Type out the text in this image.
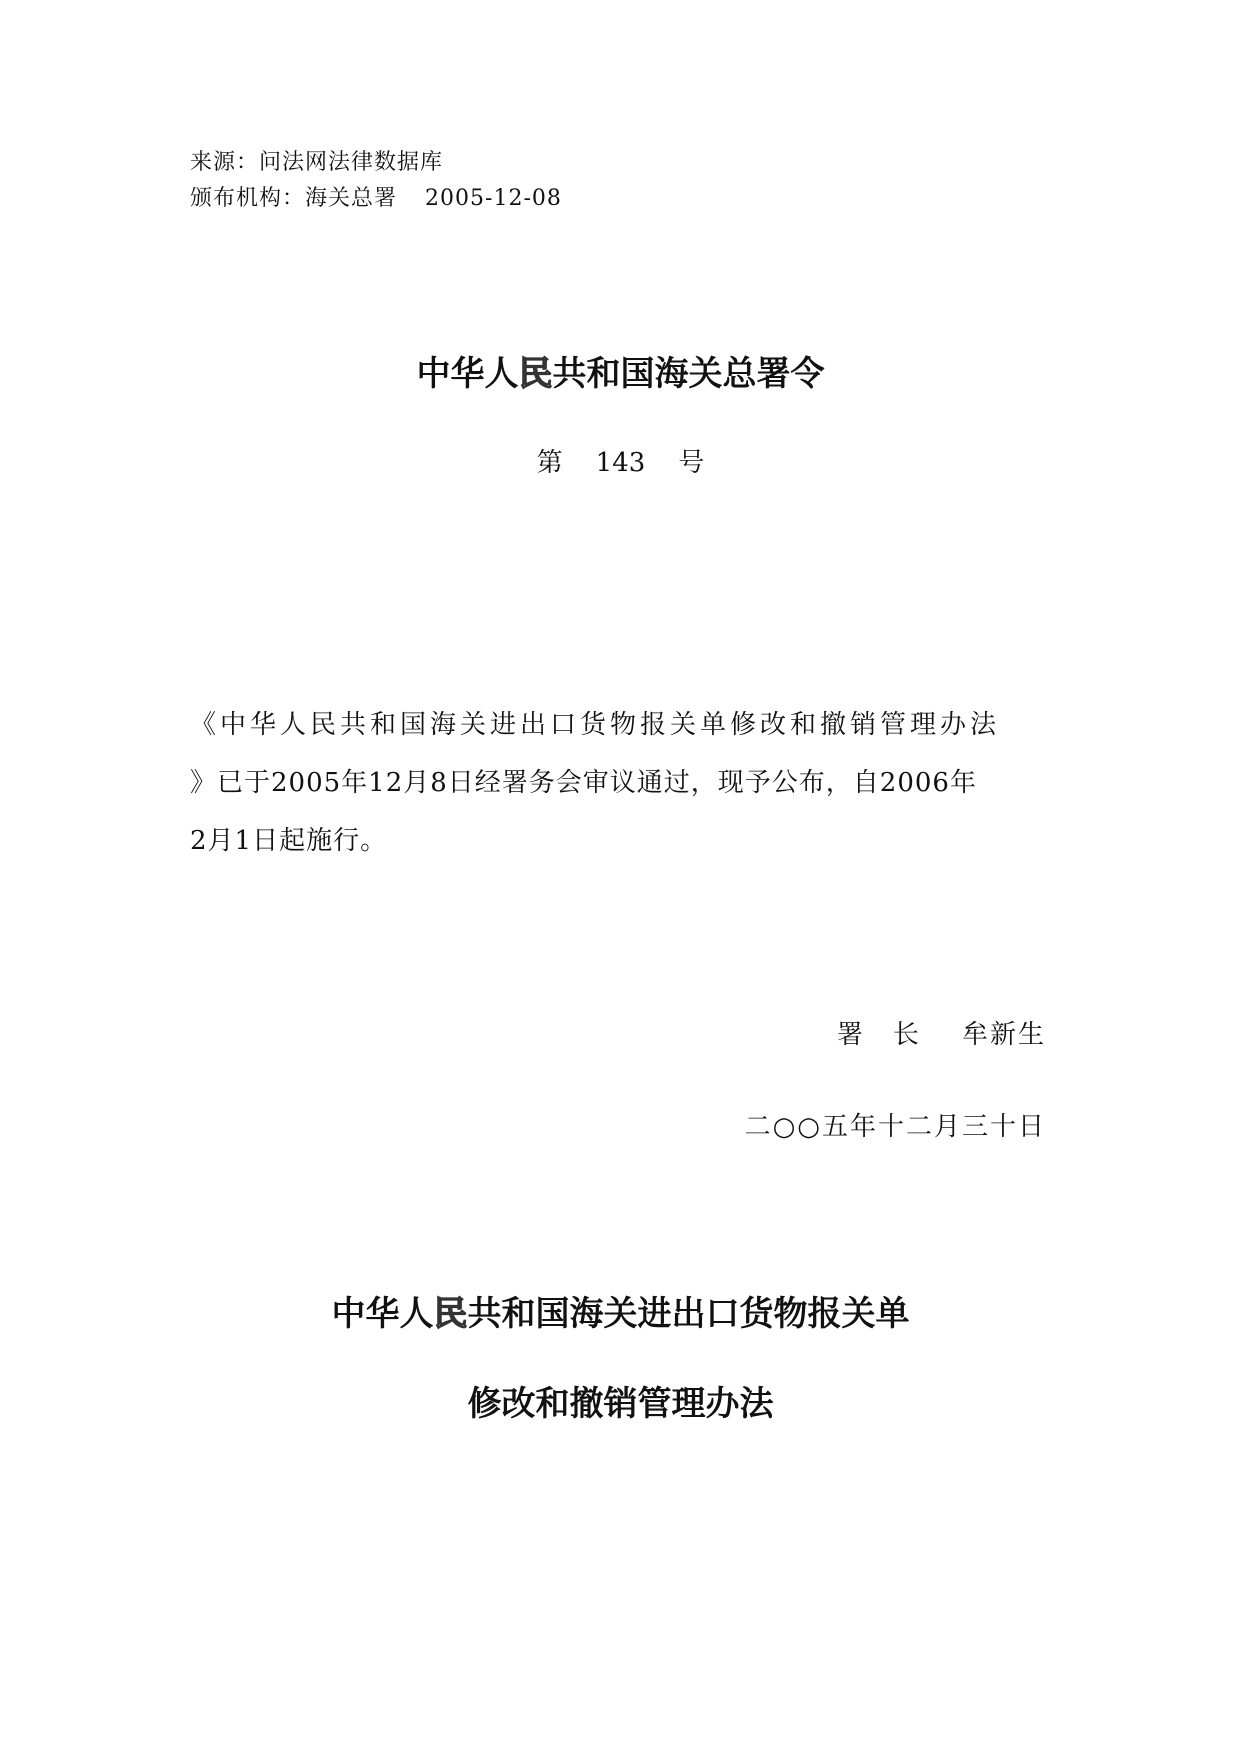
来源：问法网法律数据库
颁布机构：海关总署 2005-12-08
中华人民共和国海关总署令
第 143 号
《中华人民共和国海关进出口货物报关单修改和撤销管理办法
》已于2005年12月8日经署务会审议通过，现予公布，自2006年
2月1日起施行。
署　长 牟新生
二○○五年十二月三十日
中华人民共和国海关进出口货物报关单
修改和撤销管理办法
